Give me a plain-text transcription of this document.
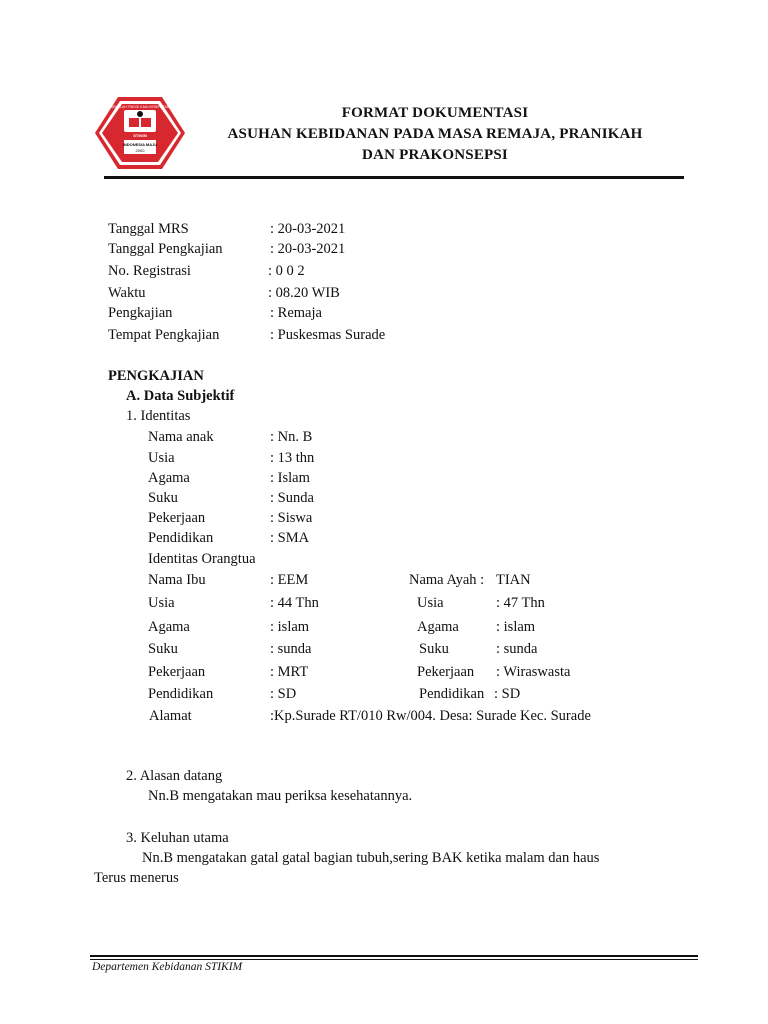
SEKOLAH TINGGI ILMU KESEHATAN
STIKIM
INDONESIA MAJU
2000
FORMAT DOKUMENTASI
ASUHAN KEBIDANAN PADA MASA REMAJA, PRANIKAH
DAN PRAKONSEPSI
Tanggal MRS	: 20-03-2021
Tanggal Pengkajian	: 20-03-2021
No. Registrasi	: 0 0 2
Waktu	: 08.20 WIB
Pengkajian	: Remaja
Tempat Pengkajian	: Puskesmas Surade
PENGKAJIAN
A. Data Subjektif
1. Identitas
Nama anak	: Nn. B
Usia	: 13 thn
Agama	: Islam
Suku	: Sunda
Pekerjaan	: Siswa
Pendidikan	: SMA
Identitas Orangtua
Nama Ibu	: EEM	Nama Ayah : TIAN
Usia	: 44 Thn	Usia	: 47 Thn
Agama	: islam	Agama	: islam
Suku	: sunda	Suku	: sunda
Pekerjaan	: MRT	Pekerjaan : Wiraswasta
Pendidikan	: SD	Pendidikan : SD
Alamat	:Kp.Surade RT/010 Rw/004. Desa: Surade Kec. Surade
2. Alasan datang
Nn.B mengatakan mau periksa kesehatannya.
3. Keluhan utama
Nn.B mengatakan gatal gatal bagian tubuh,sering BAK ketika malam dan haus
Terus menerus
Departemen Kebidanan STIKIM
